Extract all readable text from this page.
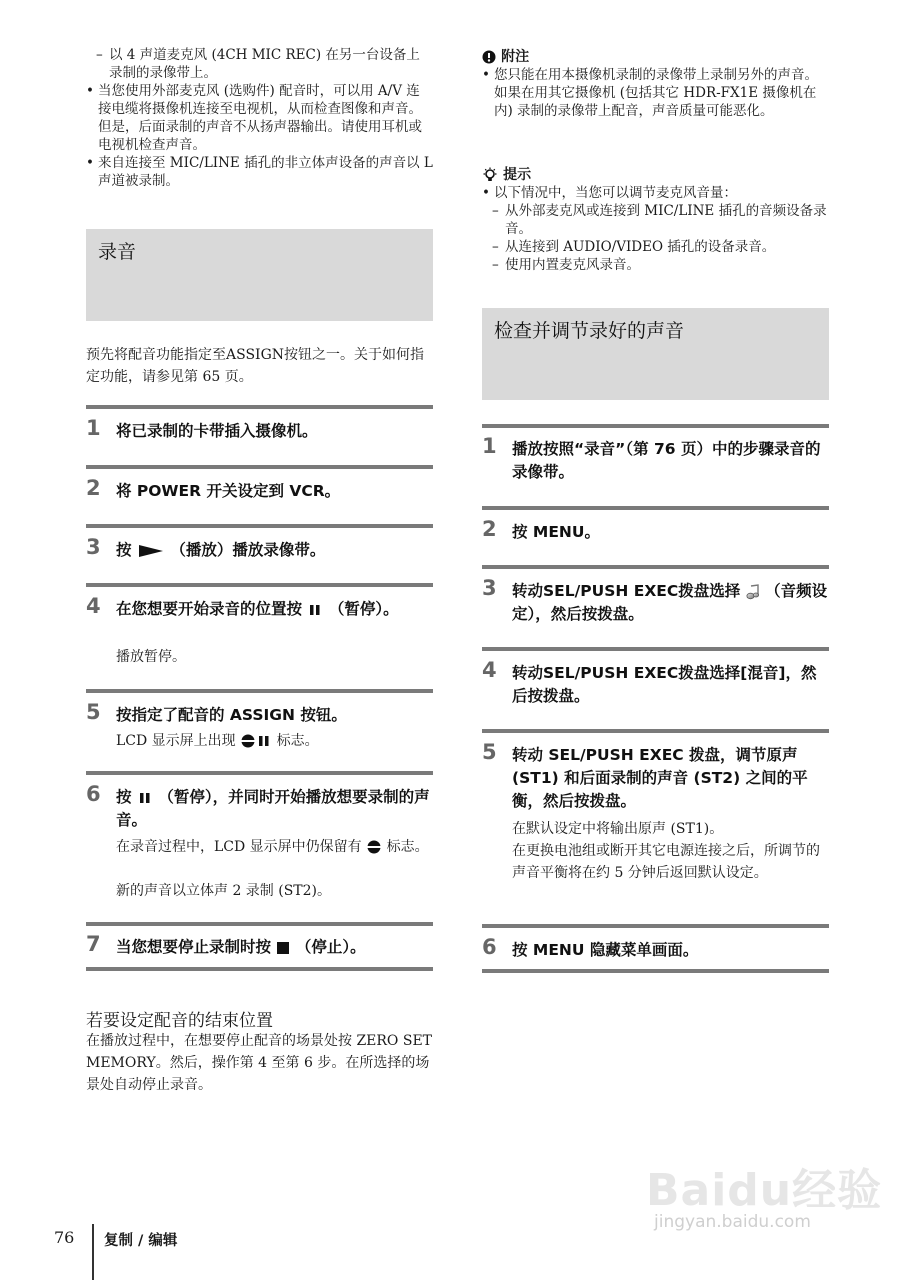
– 以 4 声道麦克风 (4CH MIC REC) 在另一台设备上录制的录像带上。
• 当您使用外部麦克风 (选购件) 配音时，可以用 A/V 连接电缆将摄像机连接至电视机，从而检查图像和声音。但是，后面录制的声音不从扬声器输出。请使用耳机或电视机检查声音。
• 来自连接至 MIC/LINE 插孔的非立体声设备的声音以 L 声道被录制。
录音
预先将配音功能指定至ASSIGN按钮之一。关于如何指定功能，请参见第 65 页。
1 将已录制的卡带插入摄像机。
2 将 POWER 开关设定到 VCR。
3 按	（播放）播放录像带。
4 在您想要开始录音的位置按 （暂停）。
播放暂停。
5 按指定了配音的 ASSIGN 按钮。
LCD 显示屏上出现	标志。
6 按 （暂停），并同时开始播放想要录制的声音。
在录音过程中，LCD 显示屏中仍保留有 标志。
新的声音以立体声 2 录制 (ST2)。
7 当您想要停止录制时按 （停止）。
若要设定配音的结束位置
在播放过程中，在想要停止配音的场景处按 ZERO SET MEMORY。然后，操作第 4 至第 6 步。在所选择的场景处自动停止录音。
附注
• 您只能在用本摄像机录制的录像带上录制另外的声音。如果在用其它摄像机 (包括其它 HDR-FX1E 摄像机在内) 录制的录像带上配音，声音质量可能恶化。
提示
• 以下情况中，当您可以调节麦克风音量：
– 从外部麦克风或连接到 MIC/LINE 插孔的音频设备录音。
– 从连接到 AUDIO/VIDEO 插孔的设备录音。
– 使用内置麦克风录音。
检查并调节录好的声音
1 播放按照“录音”（第 76 页）中的步骤录音的录像带。
2 按 MENU。
3 转动SEL/PUSH EXEC拨盘选择 （音频设定），然后按拨盘。
4 转动SEL/PUSH EXEC拨盘选择[混音]，然后按拨盘。
5 转动 SEL/PUSH EXEC 拨盘，调节原声 (ST1) 和后面录制的声音 (ST2) 之间的平衡，然后按拨盘。
在默认设定中将输出原声 (ST1)。
在更换电池组或断开其它电源连接之后，所调节的声音平衡将在约 5 分钟后返回默认设定。
6 按 MENU 隐藏菜单画面。
76 复制 / 编辑
Baidu经验
jingyan.baidu.com
